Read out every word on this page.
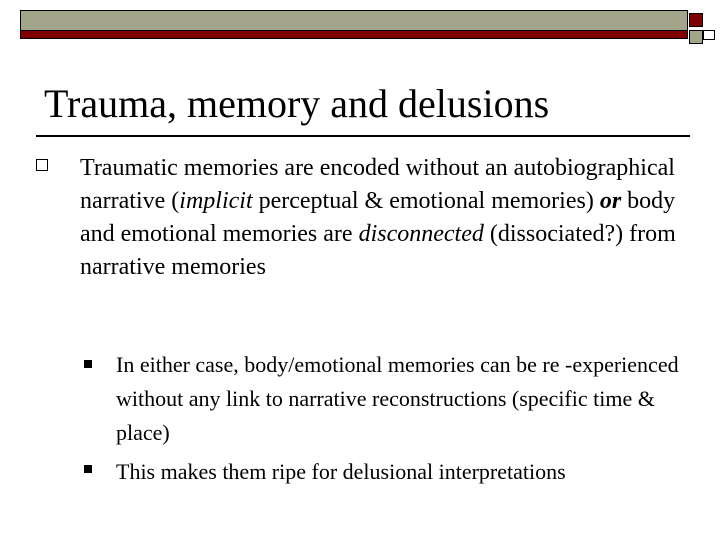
Trauma, memory and delusions
Traumatic memories are encoded without an autobiographical narrative (implicit perceptual & emotional memories) or body and emotional memories are disconnected (dissociated?) from narrative memories
In either case, body/emotional memories can be re -experienced without any link to narrative reconstructions (specific time & place)
This makes them ripe for delusional interpretations
